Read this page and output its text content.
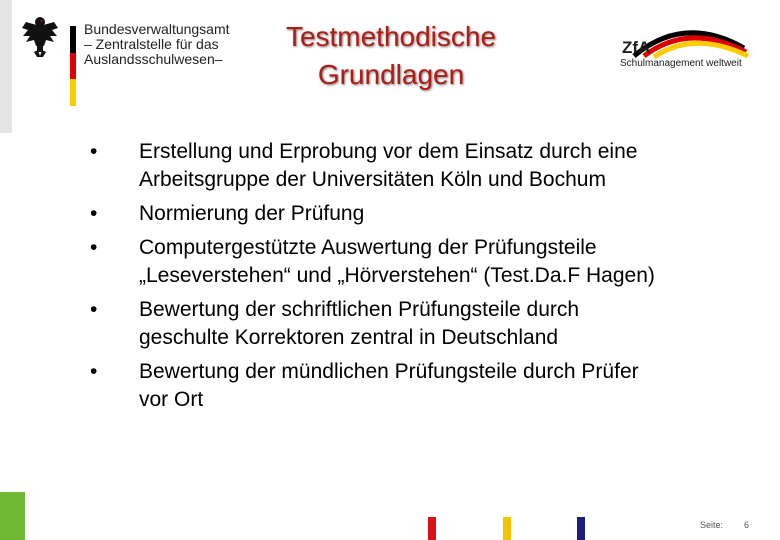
Bundesverwaltungsamt
– Zentralstelle für das
Auslandsschulwesen–
Testmethodische
Grundlagen
ZfA
Schulmanagement weltweit
• Erstellung und Erprobung vor dem Einsatz durch eine
Arbeitsgruppe der Universitäten Köln und Bochum
• Normierung der Prüfung
• Computergestützte Auswertung der Prüfungsteile
„Leseverstehen“ und „Hörverstehen“ (Test.Da.F Hagen)
• Bewertung der schriftlichen Prüfungsteile durch
geschulte Korrektoren zentral in Deutschland
• Bewertung der mündlichen Prüfungsteile durch Prüfer
vor Ort
Seite: 6
